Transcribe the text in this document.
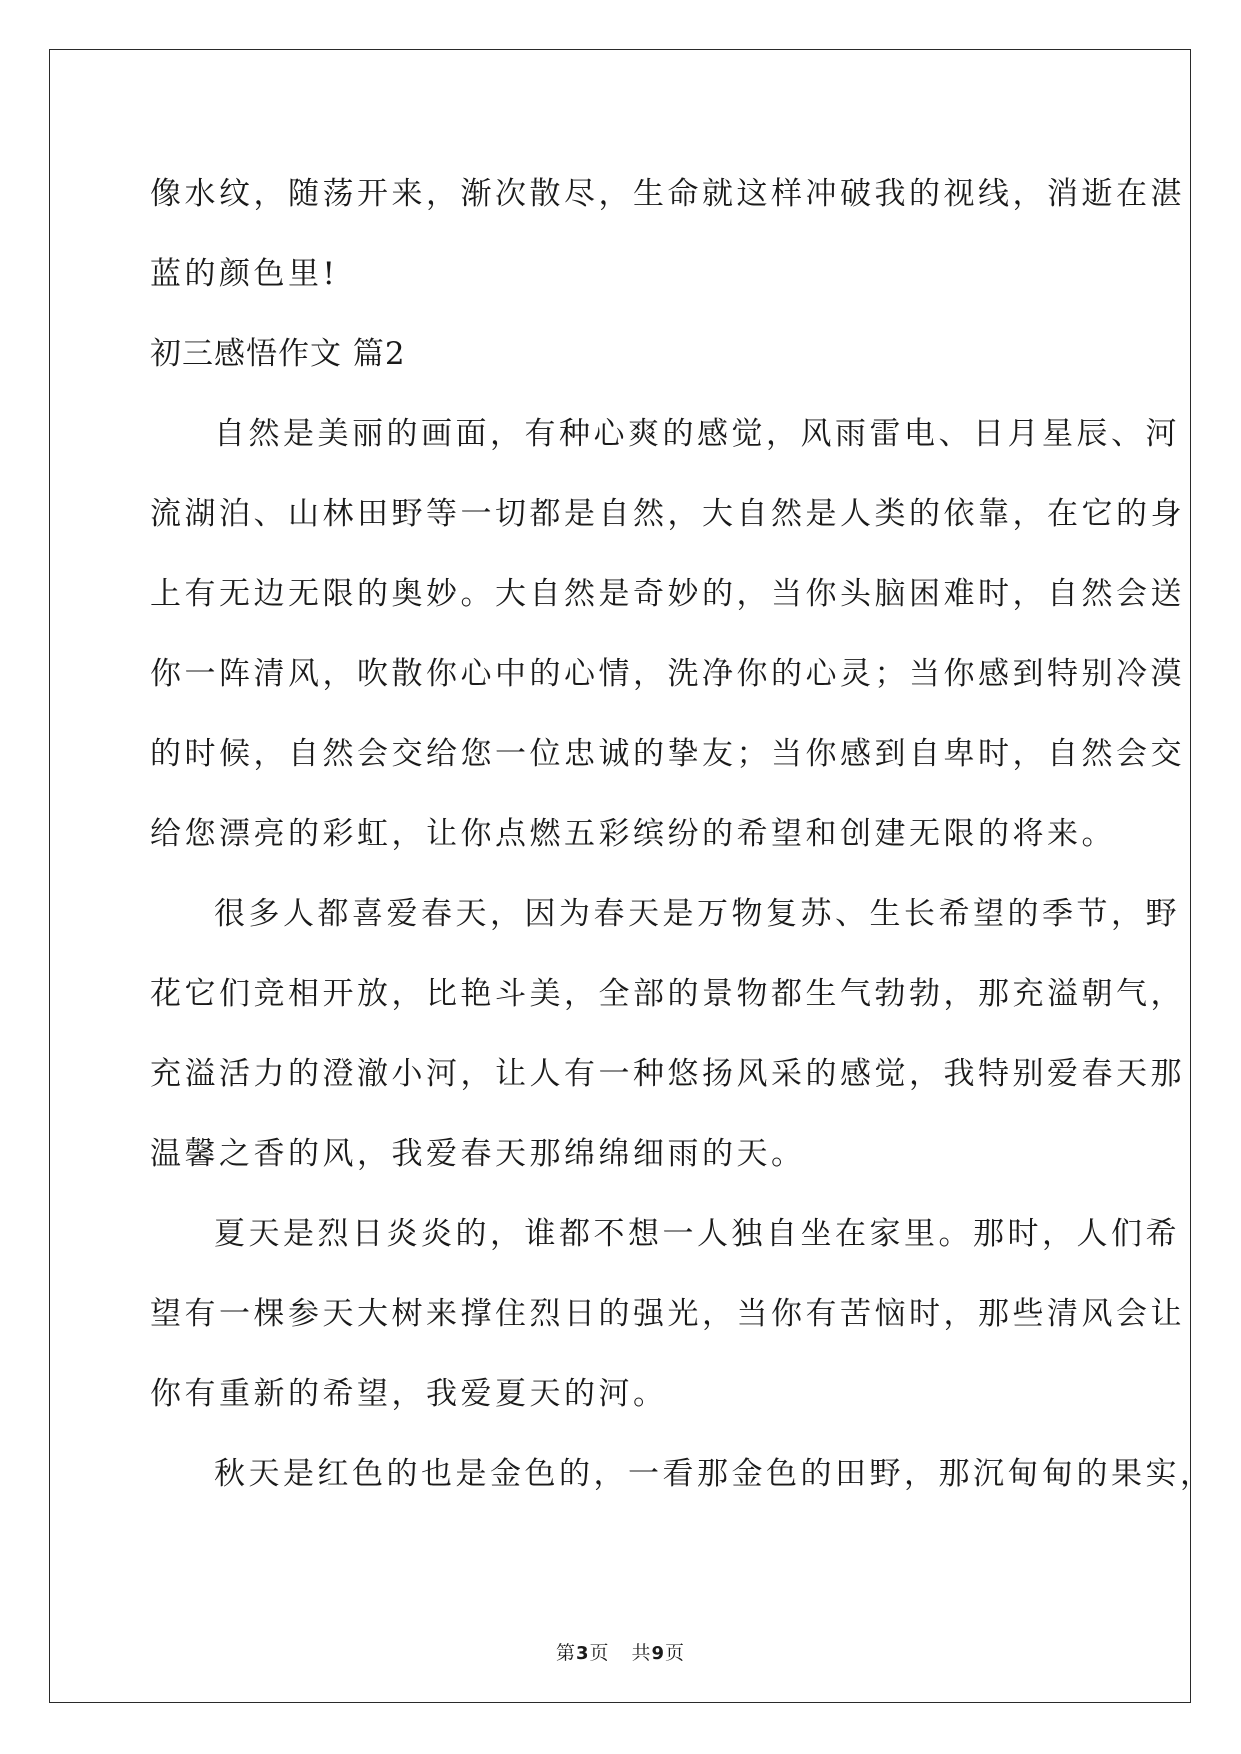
像水纹，随荡开来，渐次散尽，生命就这样冲破我的视线，消逝在湛
蓝的颜色里!
初三感悟作文 篇2
自然是美丽的画面，有种心爽的感觉，风雨雷电、日月星辰、河
流湖泊、山林田野等一切都是自然，大自然是人类的依靠，在它的身
上有无边无限的奥妙。大自然是奇妙的，当你头脑困难时，自然会送
你一阵清风，吹散你心中的心情，洗净你的心灵；当你感到特别冷漠
的时候，自然会交给您一位忠诚的挚友；当你感到自卑时，自然会交
给您漂亮的彩虹，让你点燃五彩缤纷的希望和创建无限的将来。
很多人都喜爱春天，因为春天是万物复苏、生长希望的季节，野
花它们竞相开放，比艳斗美，全部的景物都生气勃勃，那充溢朝气，
充溢活力的澄澈小河，让人有一种悠扬风采的感觉，我特别爱春天那
温馨之香的风，我爱春天那绵绵细雨的天。
夏天是烈日炎炎的，谁都不想一人独自坐在家里。那时，人们希
望有一棵参天大树来撑住烈日的强光，当你有苦恼时，那些清风会让
你有重新的希望，我爱夏天的河。
秋天是红色的也是金色的，一看那金色的田野，那沉甸甸的果实，
第3页 共9页
